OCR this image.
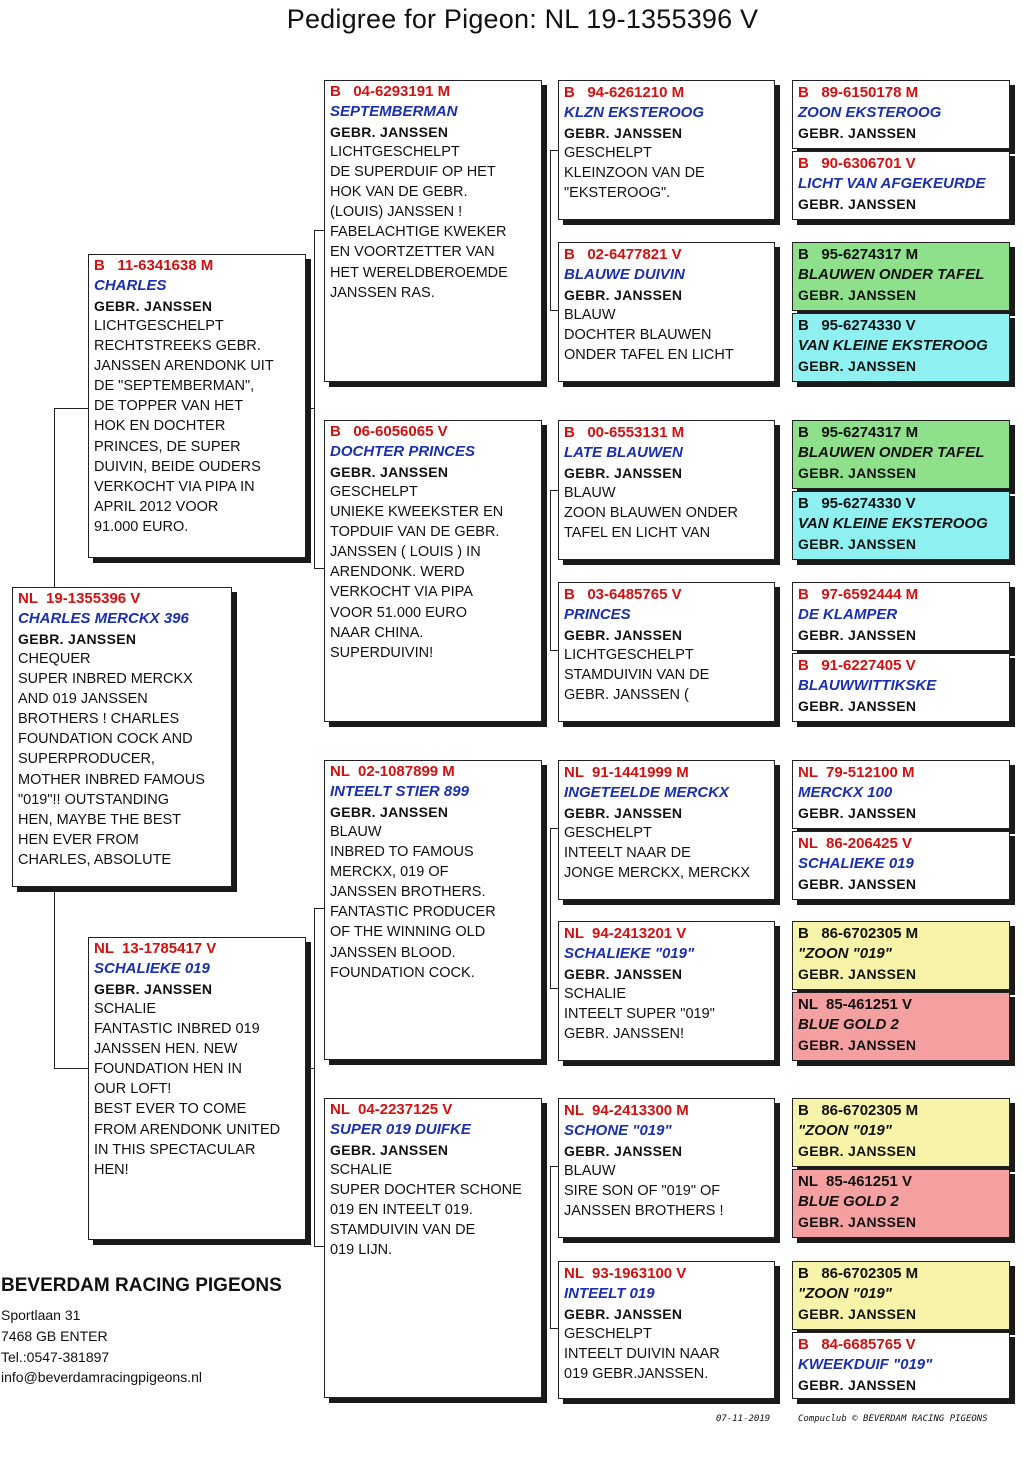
Pedigree for Pigeon: NL 19-1355396 V
NL  19-1355396 V
CHARLES MERCKX 396
GEBR. JANSSEN
CHEQUER
SUPER INBRED MERCKX
AND 019 JANSSEN
BROTHERS ! CHARLES
FOUNDATION COCK AND
SUPERPRODUCER,
MOTHER INBRED FAMOUS
"019"!! OUTSTANDING
HEN, MAYBE THE BEST
HEN EVER FROM
CHARLES, ABSOLUTE
B   11-6341638 M
CHARLES
GEBR. JANSSEN
LICHTGESCHELPT
RECHTSTREEKS GEBR.
JANSSEN ARENDONK UIT
DE "SEPTEMBERMAN",
DE TOPPER VAN HET
HOK EN DOCHTER
PRINCES, DE SUPER
DUIVIN, BEIDE OUDERS
VERKOCHT VIA PIPA IN
APRIL 2012 VOOR
91.000 EURO.
NL  13-1785417 V
SCHALIEKE 019
GEBR. JANSSEN
SCHALIE
FANTASTIC INBRED 019
JANSSEN HEN. NEW
FOUNDATION HEN IN
OUR LOFT!
BEST EVER TO COME
FROM ARENDONK UNITED
IN THIS SPECTACULAR
HEN!
B   04-6293191 M
SEPTEMBERMAN
GEBR. JANSSEN
LICHTGESCHELPT
DE SUPERDUIF OP HET
HOK VAN DE GEBR.
(LOUIS) JANSSEN !
FABELACHTIGE KWEKER
EN VOORTZETTER VAN
HET WERELDBEROEMDE
JANSSEN RAS.
B   06-6056065 V
DOCHTER PRINCES
GEBR. JANSSEN
GESCHELPT
UNIEKE KWEEKSTER EN
TOPDUIF VAN DE GEBR.
JANSSEN ( LOUIS ) IN
ARENDONK. WERD
VERKOCHT VIA PIPA
VOOR 51.000 EURO
NAAR CHINA.
SUPERDUIVIN!
NL  02-1087899 M
INTEELT STIER 899
GEBR. JANSSEN
BLAUW
INBRED TO FAMOUS
MERCKX, 019 OF
JANSSEN BROTHERS.
FANTASTIC PRODUCER
OF THE WINNING OLD
JANSSEN BLOOD.
FOUNDATION COCK.
NL  04-2237125 V
SUPER 019 DUIFKE
GEBR. JANSSEN
SCHALIE
SUPER DOCHTER SCHONE
019 EN INTEELT 019.
STAMDUIVIN VAN DE
019 LIJN.
B   94-6261210 M
KLZN EKSTEROOG
GEBR. JANSSEN
GESCHELPT
KLEINZOON VAN DE
"EKSTEROOG".
B   02-6477821 V
BLAUWE DUIVIN
GEBR. JANSSEN
BLAUW
DOCHTER BLAUWEN
ONDER TAFEL EN LICHT
B   00-6553131 M
LATE BLAUWEN
GEBR. JANSSEN
BLAUW
ZOON BLAUWEN ONDER
TAFEL EN LICHT VAN
B   03-6485765 V
PRINCES
GEBR. JANSSEN
LICHTGESCHELPT
STAMDUIVIN VAN DE
GEBR. JANSSEN (
NL  91-1441999 M
INGETEELDE MERCKX
GEBR. JANSSEN
GESCHELPT
INTEELT NAAR DE
JONGE MERCKX, MERCKX
NL  94-2413201 V
SCHALIEKE "019"
GEBR. JANSSEN
SCHALIE
INTEELT SUPER "019"
GEBR. JANSSEN!
NL  94-2413300 M
SCHONE "019"
GEBR. JANSSEN
BLAUW
SIRE SON OF "019" OF
JANSSEN BROTHERS !
NL  93-1963100 V
INTEELT 019
GEBR. JANSSEN
GESCHELPT
INTEELT DUIVIN NAAR
019 GEBR.JANSSEN.
B   89-6150178 M
ZOON EKSTEROOG
GEBR. JANSSEN
B   90-6306701 V
LICHT VAN AFGEKEURDE
GEBR. JANSSEN
B   95-6274317 M
BLAUWEN ONDER TAFEL
GEBR. JANSSEN
B   95-6274330 V
VAN KLEINE EKSTEROOG
GEBR. JANSSEN
B   95-6274317 M
BLAUWEN ONDER TAFEL
GEBR. JANSSEN
B   95-6274330 V
VAN KLEINE EKSTEROOG
GEBR. JANSSEN
B   97-6592444 M
DE KLAMPER
GEBR. JANSSEN
B   91-6227405 V
BLAUWWITTIKSKE
GEBR. JANSSEN
NL  79-512100 M
MERCKX 100
GEBR. JANSSEN
NL  86-206425 V
SCHALIEKE 019
GEBR. JANSSEN
B   86-6702305 M
"ZOON "019"
GEBR. JANSSEN
NL  85-461251 V
BLUE GOLD 2
GEBR. JANSSEN
B   86-6702305 M
"ZOON "019"
GEBR. JANSSEN
NL  85-461251 V
BLUE GOLD 2
GEBR. JANSSEN
B   86-6702305 M
"ZOON "019"
GEBR. JANSSEN
B   84-6685765 V
KWEEKDUIF "019"
GEBR. JANSSEN
BEVERDAM RACING PIGEONS
Sportlaan 31
7468 GB ENTER
Tel.:0547-381897
info@beverdamracingpigeons.nl
07-11-2019	Compuclub © BEVERDAM RACING PIGEONS
